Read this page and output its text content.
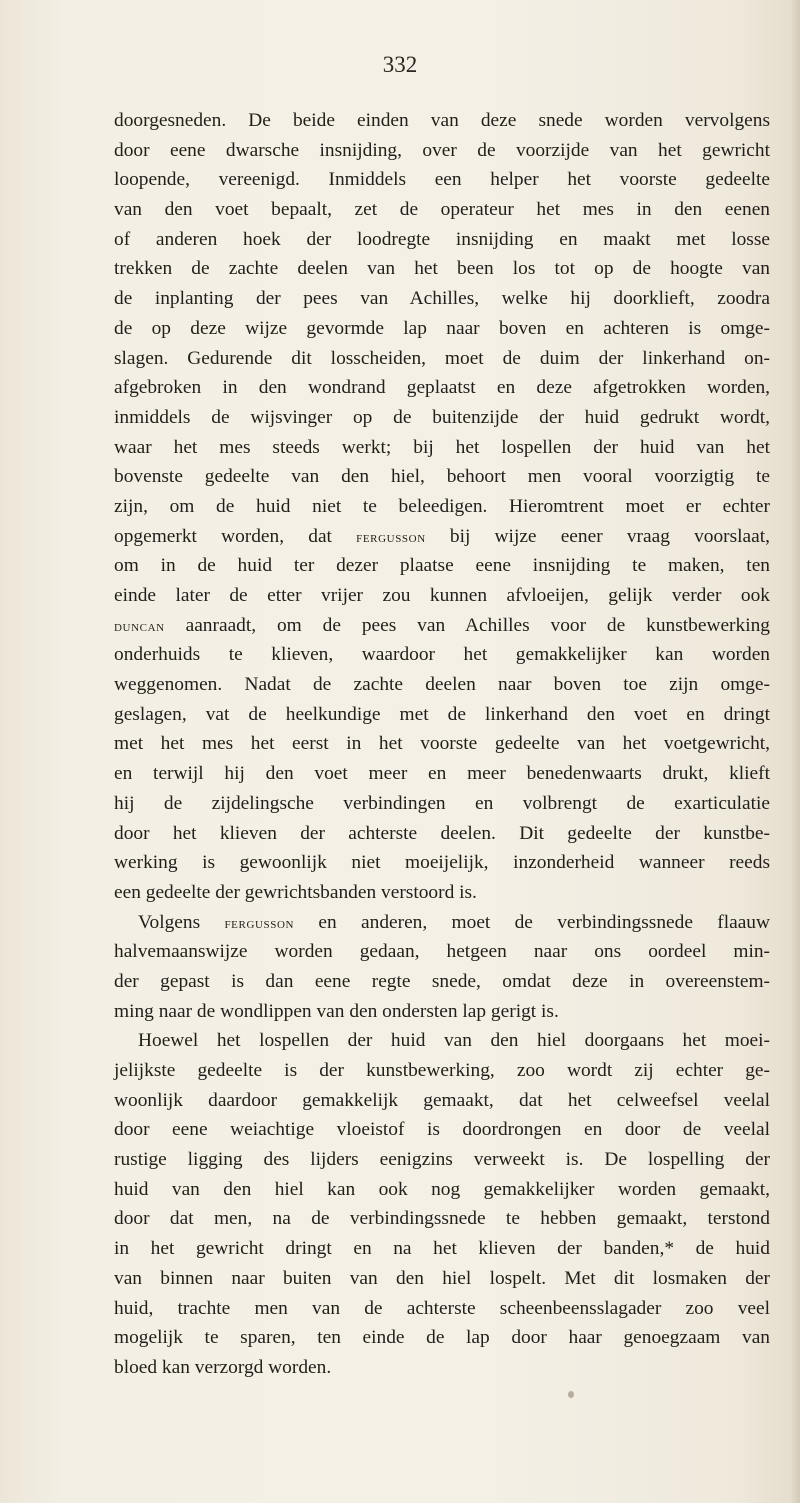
332
doorgesneden. De beide einden van deze snede worden vervolgens
door eene dwarsche insnijding, over de voorzijde van het gewricht
loopende, vereenigd. Inmiddels een helper het voorste gedeelte
van den voet bepaalt, zet de operateur het mes in den eenen
of anderen hoek der loodregte insnijding en maakt met losse
trekken de zachte deelen van het been los tot op de hoogte van
de inplanting der pees van Achilles, welke hij doorklieft, zoodra
de op deze wijze gevormde lap naar boven en achteren is omge-
slagen. Gedurende dit losscheiden, moet de duim der linkerhand on-
afgebroken in den wondrand geplaatst en deze afgetrokken worden,
inmiddels de wijsvinger op de buitenzijde der huid gedrukt wordt,
waar het mes steeds werkt; bij het lospellen der huid van het
bovenste gedeelte van den hiel, behoort men vooral voorzigtig te
zijn, om de huid niet te beleedigen. Hieromtrent moet er echter
opgemerkt worden, dat fergusson bij wijze eener vraag voorslaat,
om in de huid ter dezer plaatse eene insnijding te maken, ten
einde later de etter vrijer zou kunnen afvloeijen, gelijk verder ook
duncan aanraadt, om de pees van Achilles voor de kunstbewerking
onderhuids te klieven, waardoor het gemakkelijker kan worden
weggenomen. Nadat de zachte deelen naar boven toe zijn omge-
geslagen, vat de heelkundige met de linkerhand den voet en dringt
met het mes het eerst in het voorste gedeelte van het voetgewricht,
en terwijl hij den voet meer en meer benedenwaarts drukt, klieft
hij de zijdelingsche verbindingen en volbrengt de exarticulatie
door het klieven der achterste deelen. Dit gedeelte der kunstbe-
werking is gewoonlijk niet moeijelijk, inzonderheid wanneer reeds
een gedeelte der gewrichtsbanden verstoord is.
Volgens fergusson en anderen, moet de verbindingssnede flaauw
halvemaanswijze worden gedaan, hetgeen naar ons oordeel min-
der gepast is dan eene regte snede, omdat deze in overeenstem-
ming naar de wondlippen van den ondersten lap gerigt is.
Hoewel het lospellen der huid van den hiel doorgaans het moei-
jelijkste gedeelte is der kunstbewerking, zoo wordt zij echter ge-
woonlijk daardoor gemakkelijk gemaakt, dat het celweefsel veelal
door eene weiachtige vloeistof is doordrongen en door de veelal
rustige ligging des lijders eenigzins verweekt is. De lospelling der
huid van den hiel kan ook nog gemakkelijker worden gemaakt,
door dat men, na de verbindingssnede te hebben gemaakt, terstond
in het gewricht dringt en na het klieven der banden,* de huid
van binnen naar buiten van den hiel lospelt. Met dit losmaken der
huid, trachte men van de achterste scheenbeensslagader zoo veel
mogelijk te sparen, ten einde de lap door haar genoegzaam van
bloed kan verzorgd worden.
